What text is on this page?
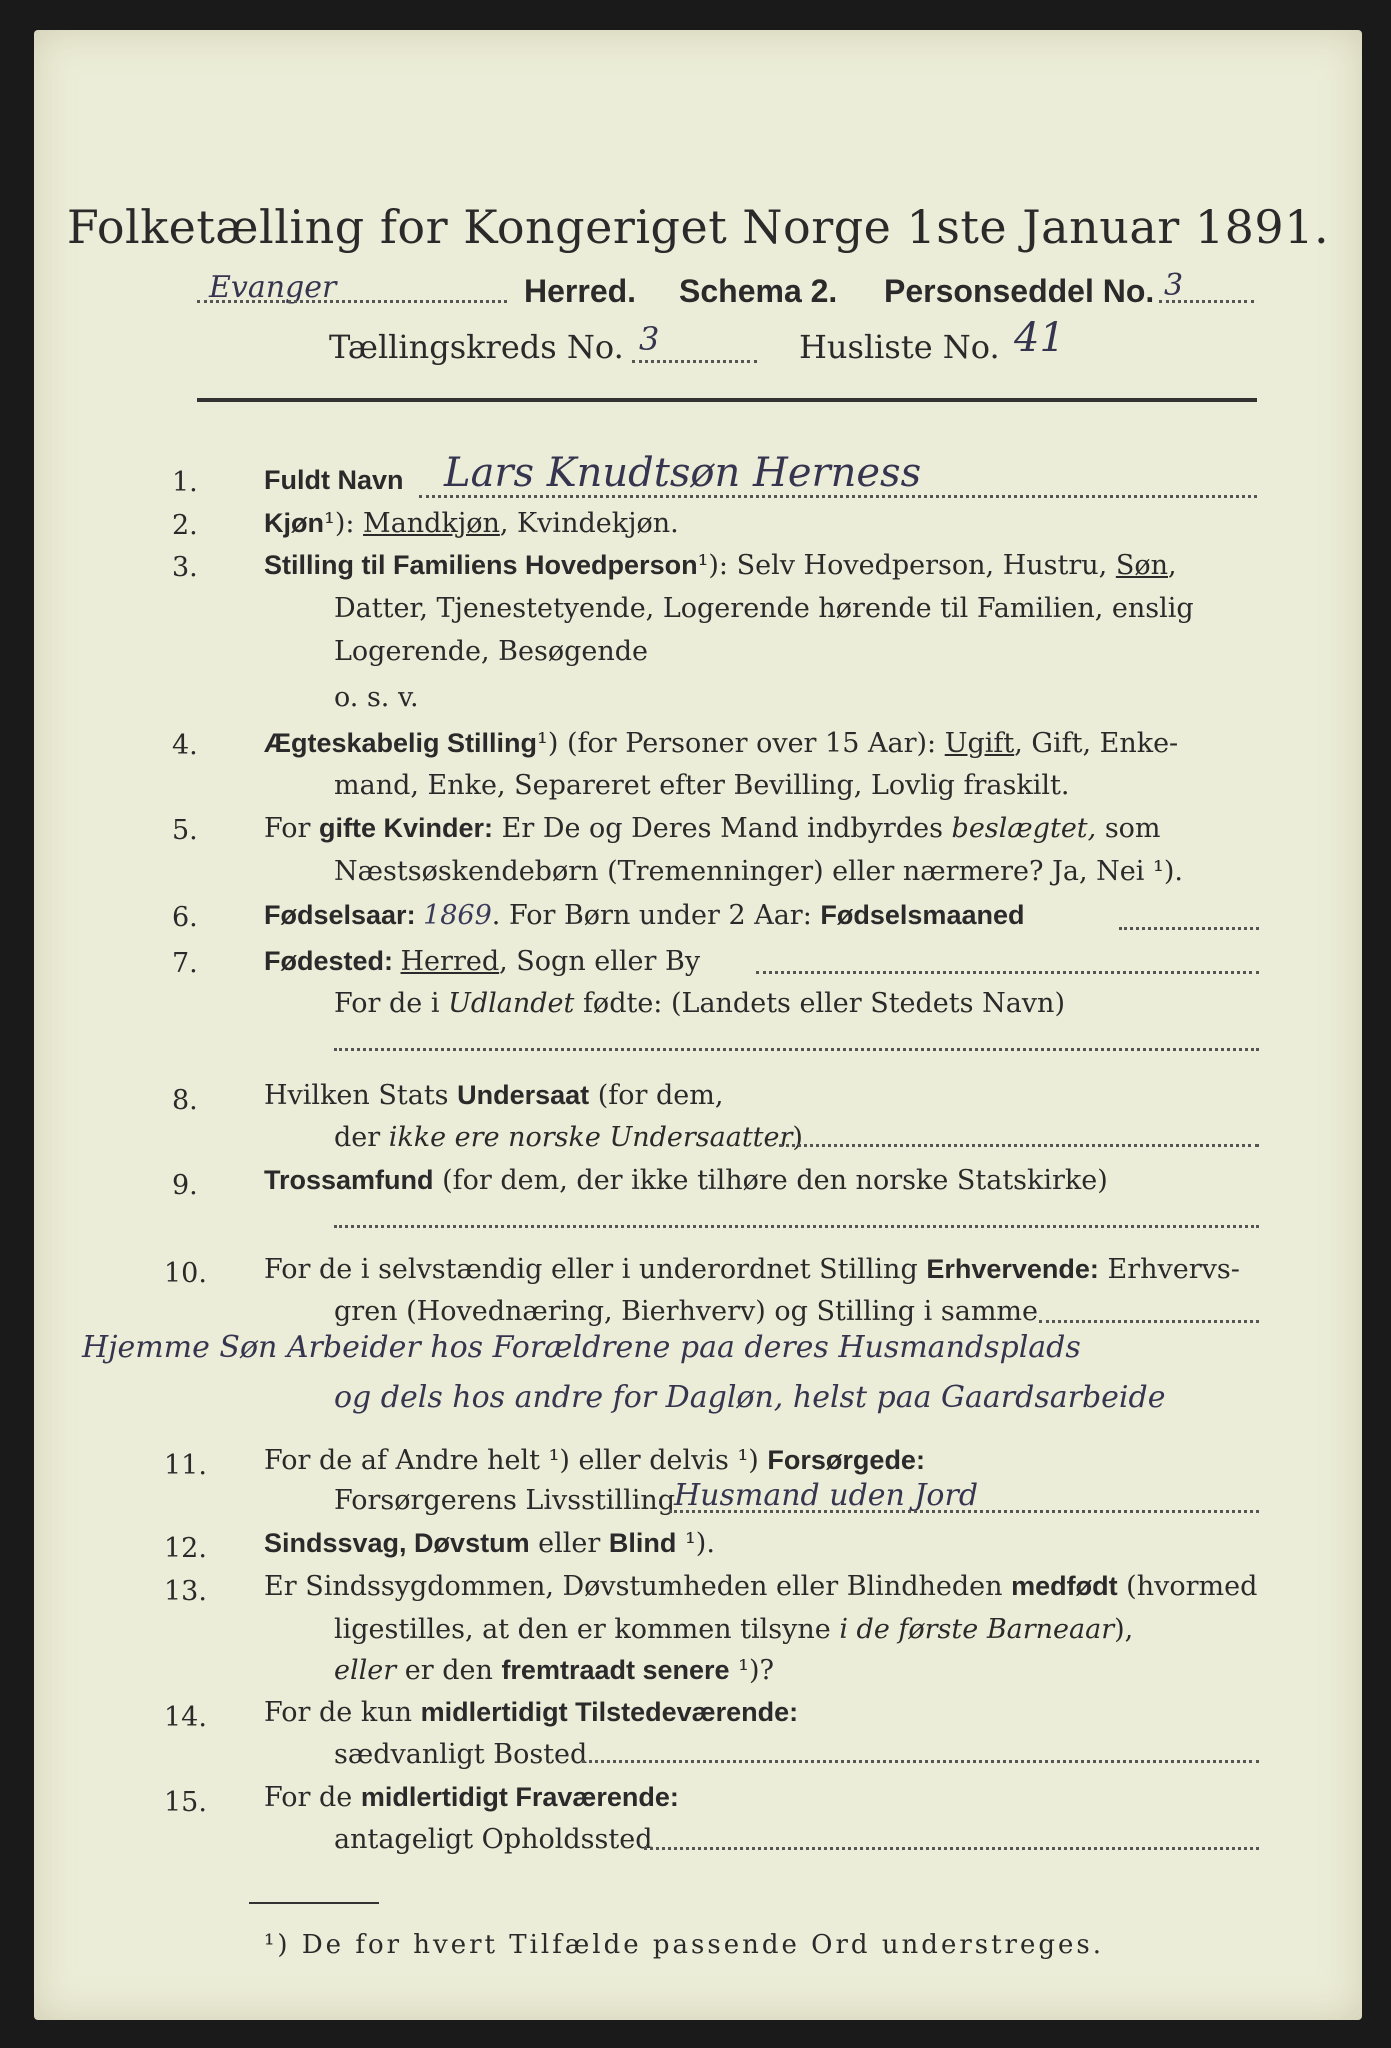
Folketælling for Kongeriget Norge 1ste Januar 1891.
Evanger	Herred. Schema 2. Personseddel No. 3
Tællingskreds No. 3	Husliste No. 41
1. Fuldt Navn Lars Knudtsøn Herness
2. Kjøn¹): Mandkjøn, Kvindekjøn.
3. Stilling til Familiens Hovedperson¹): Selv Hovedperson, Hustru, Søn,
Datter, Tjenestetyende, Logerende hørende til Familien, enslig
Logerende, Besøgende
o. s. v.
4. Ægteskabelig Stilling¹) (for Personer over 15 Aar): Ugift, Gift, Enke-
mand, Enke, Separeret efter Bevilling, Lovlig fraskilt.
5. For gifte Kvinder: Er De og Deres Mand indbyrdes beslægtet, som
Næstsøskendebørn (Tremenninger) eller nærmere? Ja, Nei ¹).
6. Fødselsaar: 1869. For Børn under 2 Aar: Fødselsmaaned
7. Fødested: Herred, Sogn eller By
For de i Udlandet fødte: (Landets eller Stedets Navn)
8. Hvilken Stats Undersaat (for dem,
der ikke ere norske Undersaatter)
9. Trossamfund (for dem, der ikke tilhøre den norske Statskirke)
10. For de i selvstændig eller i underordnet Stilling Erhvervende: Erhvervs-
gren (Hovednæring, Bierhverv) og Stilling i samme
Hjemme Søn Arbeider hos Forældrene paa deres Husmandsplads
og dels hos andre for Dagløn, helst paa Gaardsarbeide
11. For de af Andre helt ¹) eller delvis ¹) Forsørgede:
Forsørgerens Livsstilling
Husmand uden Jord
12. Sindssvag, Døvstum eller Blind ¹).
13. Er Sindssygdommen, Døvstumheden eller Blindheden medfødt (hvormed
ligestilles, at den er kommen tilsyne i de første Barneaar),
eller er den fremtraadt senere ¹)?
14. For de kun midlertidigt Tilstedeværende:
sædvanligt Bosted
15. For de midlertidigt Fraværende:
antageligt Opholdssted
¹) De for hvert Tilfælde passende Ord understreges.
